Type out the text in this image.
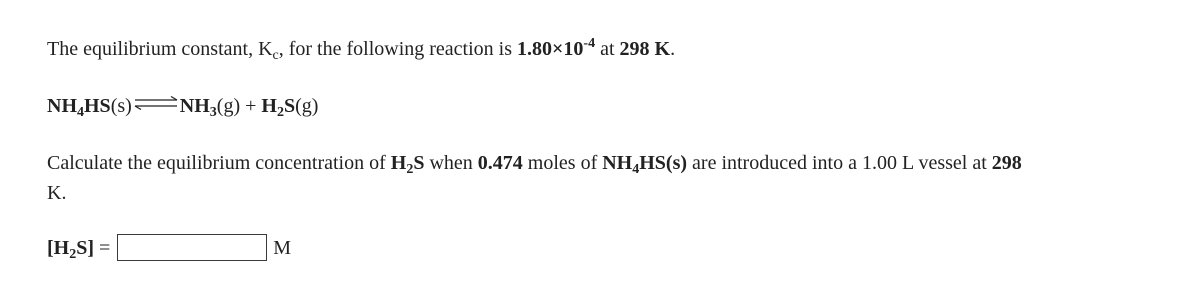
The equilibrium constant, $K_c$, for the following reaction is $1.80\times 10^{-4}$ at 298 K.
$NH_4HS(s)\rightleftharpoons NH_3(g) + H_2S(g)$
Calculate the equilibrium concentration of $H_2S$ when 0.474 moles of $NH_4HS(s)$ are introduced into a 1.00 L vessel at 298
K.
$[H_2S]$ =	M
